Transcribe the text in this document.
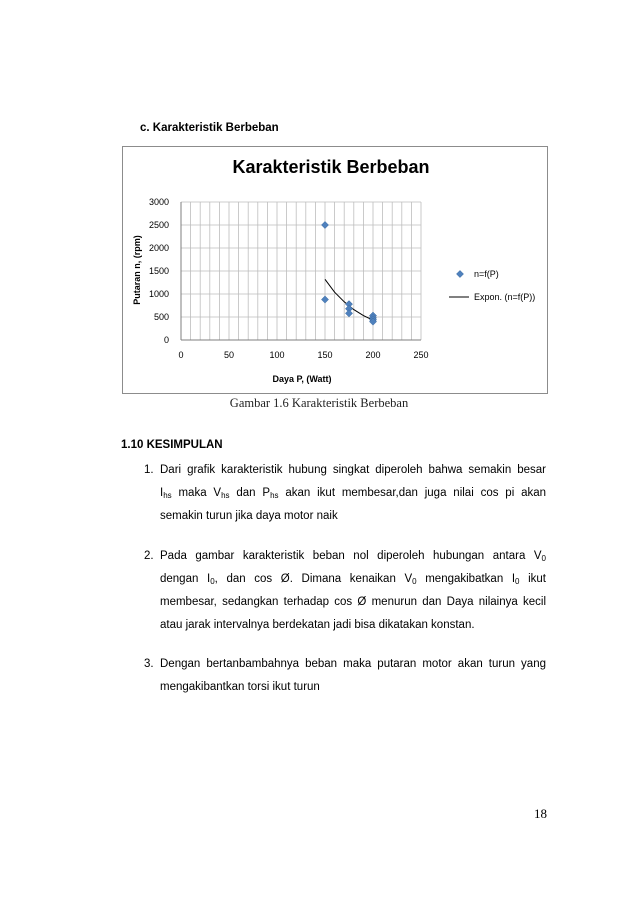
c. Karakteristik Berbeban
Karakteristik Berbeban
0
500
1000
1500
2000
2500
3000
0	50	100	150	200	250
Daya P, (Watt)
Putaran n, (rpm)	n=f(P)
Expon. (n=f(P))
Gambar 1.6 Karakteristik Berbeban
1.10 KESIMPULAN
1. Dari grafik karakteristik hubung singkat diperoleh bahwa semakin besar
$I_{hs}$ maka $V_{hs}$ dan $P_{hs}$ akan ikut membesar,dan juga nilai cos pi akan
semakin turun jika daya motor naik
2. Pada gambar karakteristik beban nol diperoleh hubungan antara $V_0$
dengan $I_0$, dan cos Ø. Dimana kenaikan $V_0$ mengakibatkan $I_0$ ikut
membesar, sedangkan terhadap cos Ø menurun dan Daya nilainya kecil
atau jarak intervalnya berdekatan jadi bisa dikatakan konstan.
3. Dengan bertanbambahnya beban maka putaran motor akan turun yang
mengakibantkan torsi ikut turun
18
